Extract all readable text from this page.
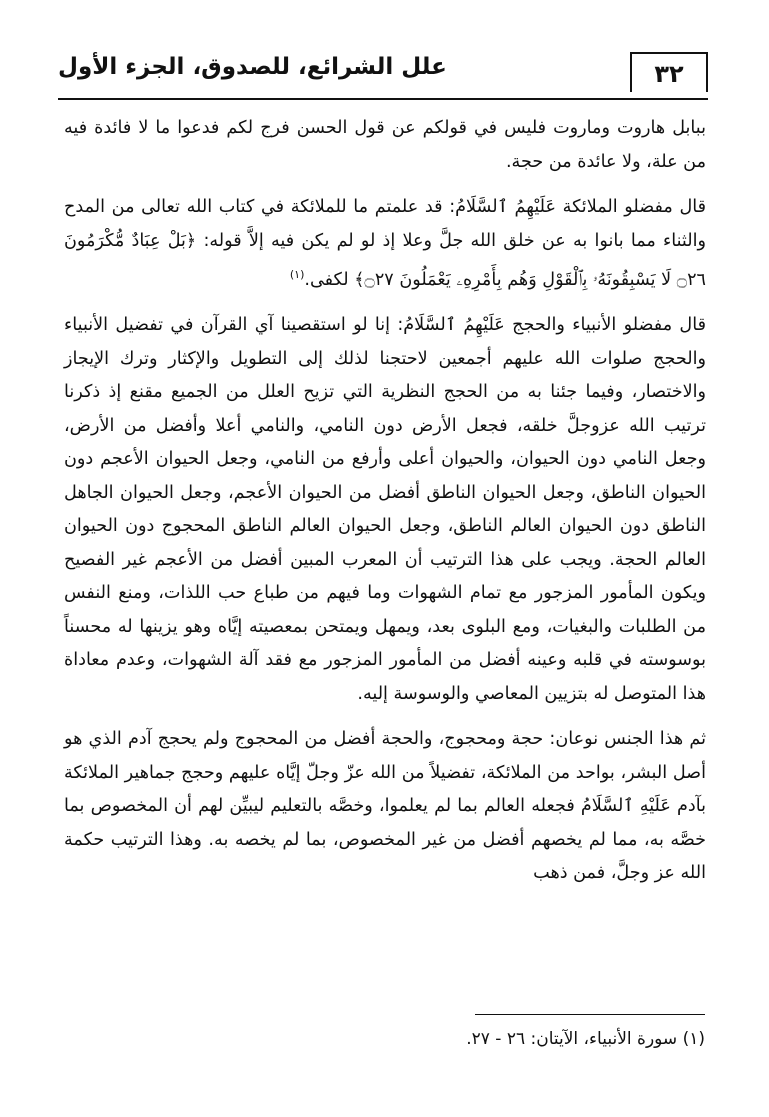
٣٢
علل الشرائع، للصدوق، الجزء الأول

ببابل هاروت وماروت فليس في قولكم عن قول الحسن فرج لكم فدعوا ما لا فائدة فيه من علة، ولا عائدة من حجة.

قال مفضلو الملائكة عَلَيْهِمُ ٱلسَّلَامُ: قد علمتم ما للملائكة في كتاب الله تعالى من المدح والثناء مما بانوا به عن خلق الله جلَّ وعلا إذ لو لم يكن فيه إلاَّ قوله: ﴿بَلْ عِبَادٌ مُّكْرَمُونَ ۝٢٦ لَا يَسْبِقُونَهُۥ بِٱلْقَوْلِ وَهُم بِأَمْرِهِۦ يَعْمَلُونَ ۝٢٧﴾ لكفى.$^{(١)}$

قال مفضلو الأنبياء والحجج عَلَيْهِمُ ٱلسَّلَامُ: إنا لو استقصينا آي القرآن في تفضيل الأنبياء والحجج صلوات الله عليهم أجمعين لاحتجنا لذلك إلى التطويل والإكثار وترك الإيجاز والاختصار، وفيما جئنا به من الحجج النظرية التي تزيح العلل من الجميع مقنع إذ ذكرنا ترتيب الله عزوجلَّ خلقه، فجعل الأرض دون النامي، والنامي أعلا وأفضل من الأرض، وجعل النامي دون الحيوان، والحيوان أعلى وأرفع من النامي، وجعل الحيوان الأعجم دون الحيوان الناطق، وجعل الحيوان الناطق أفضل من الحيوان الأعجم، وجعل الحيوان الجاهل الناطق دون الحيوان العالم الناطق، وجعل الحيوان العالم الناطق المحجوج دون الحيوان العالم الحجة. ويجب على هذا الترتيب أن المعرب المبين أفضل من الأعجم غير الفصيح ويكون المأمور المزجور مع تمام الشهوات وما فيهم من طباع حب اللذات، ومنع النفس من الطلبات والبغيات، ومع البلوى بعد، ويمهل ويمتحن بمعصيته إيَّاه وهو يزينها له محسناً بوسوسته في قلبه وعينه أفضل من المأمور المزجور مع فقد آلة الشهوات، وعدم معاداة هذا المتوصل له بتزيين المعاصي والوسوسة إليه.

ثم هذا الجنس نوعان: حجة ومحجوج، والحجة أفضل من المحجوج ولم يحجج آدم الذي هو أصل البشر، بواحد من الملائكة، تفضيلاً من الله عزّ وجلّ إيَّاه عليهم وحجج جماهير الملائكة بآدم عَلَيْهِ ٱلسَّلَامُ فجعله العالم بما لم يعلموا، وخصَّه بالتعليم ليبيِّن لهم أن المخصوص بما خصَّه به، مما لم يخصهم أفضل من غير المخصوص، بما لم يخصه به. وهذا الترتيب حكمة الله عز وجلَّ، فمن ذهب

(١) سورة الأنبياء، الآيتان: ٢٦ - ٢٧.
